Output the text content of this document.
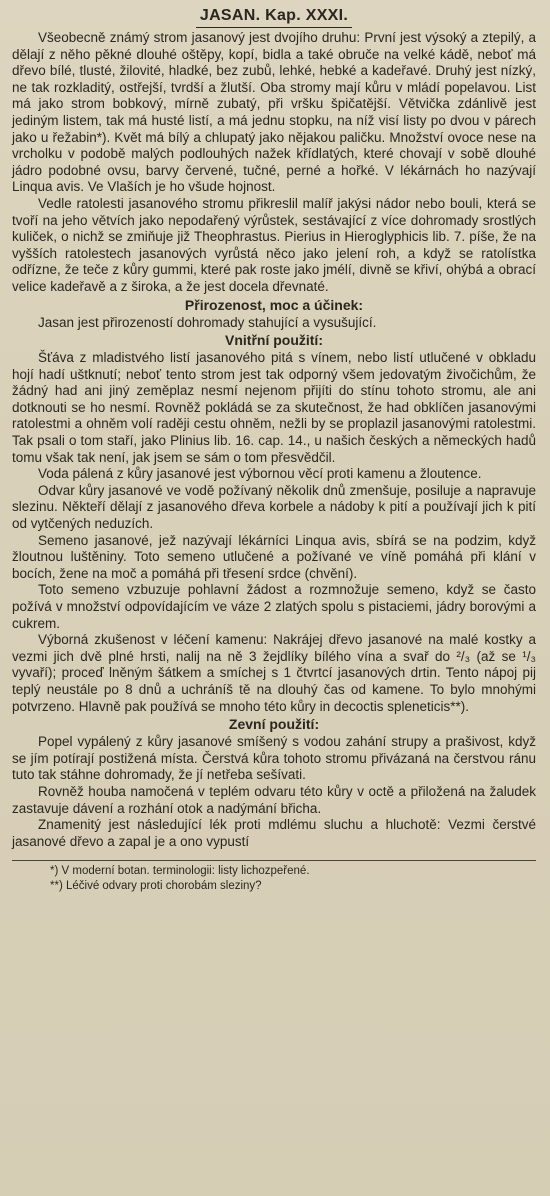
JASAN. Kap. XXXI.

Všeobecně známý strom jasanový jest dvojího druhu: První jest výsoký a ztepilý, a dělají z něho pěkné dlouhé oštěpy, kopí, bidla a také obruče na velké kádě, neboť má dřevo bílé, tlusté, žilovité, hladké, bez zubů, lehké, hebké a kadeřavé. Druhý jest nízký, ne tak rozkladitý, ostřejší, tvrdší a žlutší. Oba stromy mají kůru v mládí popelavou. List má jako strom bobkový, mírně zubatý, při vršku špičatější. Větvička zdánlivě jest jediným listem, tak má husté listí, a má jednu stopku, na níž visí listy po dvou v párech jako u řežabin*). Květ má bílý a chlupatý jako nějakou paličku. Množství ovoce nese na vrcholku v podobě malých podlouhých nažek křídlatých, které chovají v sobě dlouhé jádro podobné ovsu, barvy červené, tučné, perné a hořké. V lékárnách ho nazývají Linqua avis. Ve Vlaších je ho všude hojnost.

Vedle ratolesti jasanového stromu přikreslil malíř jakýsi nádor nebo bouli, která se tvoří na jeho větvích jako nepodařený výrůstek, sestávající z více dohromady srostlých kuliček, o nichž se zmiňuje již Theophrastus. Pierius in Hieroglyphicis lib. 7. píše, že na vyšších ratolestech jasanových vyrůstá něco jako jelení roh, a když se ratolístka odřízne, že teče z kůry gummi, které pak roste jako jmélí, divně se křiví, ohýbá a obrací velice kadeřavě a z široka, a že jest docela dřevnaté.

Přirozenost, moc a účinek:

Jasan jest přirozeností dohromady stahující a vysušující.

Vnitřní použití:

Šťáva z mladistvého listí jasanového pitá s vínem, nebo listí utlučené v obkladu hojí hadí uštknutí; neboť tento strom jest tak odporný všem jedovatým živočichům, že žádný had ani jiný zeměplaz nesmí nejenom přijíti do stínu tohoto stromu, ale ani dotknouti se ho nesmí. Rovněž pokládá se za skutečnost, že had obklíčen jasanovými ratolestmi a ohněm volí raději cestu ohněm, nežli by se proplazil jasanovými ratolestmi. Tak psali o tom staří, jako Plinius lib. 16. cap. 14., u našich českých a německých hadů tomu však tak není, jak jsem se sám o tom přesvědčil.

Voda pálená z kůry jasanové jest výbornou věcí proti kamenu a žloutence.

Odvar kůry jasanové ve vodě požívaný několik dnů zmenšuje, posiluje a napravuje slezinu. Někteří dělají z jasanového dřeva korbele a nádoby k pití a používají jich k pití od vytčených neduzích.

Semeno jasanové, jež nazývají lékárníci Linqua avis, sbírá se na podzim, když žloutnou luštěniny. Toto semeno utlučené a požívané ve víně pomáhá při klání v bocích, žene na moč a pomáhá při třesení srdce (chvění).

Toto semeno vzbuzuje pohlavní žádost a rozmnožuje semeno, když se často požívá v množství odpovídajícím ve váze 2 zlatých spolu s pistaciemi, jádry borovými a cukrem.

Výborná zkušenost v léčení kamenu: Nakrájej dřevo jasanové na malé kostky a vezmi jich dvě plné hrsti, nalij na ně 3 žejdlíky bílého vína a svař do ²/₃ (až se ¹/₃ vyvaří); proceď lněným šátkem a smíchej s 1 čtvrtcí jasanových drtin. Tento nápoj pij teplý neustále po 8 dnů a uchráníš tě na dlouhý čas od kamene. To bylo mnohými potvrzeno. Hlavně pak používá se mnoho této kůry in decoctis spleneticis**).

Zevní použití:

Popel vypálený z kůry jasanové smíšený s vodou zahání strupy a prašivost, když se jím potírají postižená místa. Čerstvá kůra tohoto stromu přivázaná na čerstvou ránu tuto tak stáhne dohromady, že jí netřeba sešívati.

Rovněž houba namočená v teplém odvaru této kůry v octě a přiložená na žaludek zastavuje dávení a rozhání otok a nadýmání břicha.

Znamenitý jest následující lék proti mdlému sluchu a hluchotě: Vezmi čerstvé jasanové dřevo a zapal je a ono vypustí

*) V moderní botan. terminologii: listy lichozpeřené.
**) Léčivé odvary proti chorobám sleziny?
